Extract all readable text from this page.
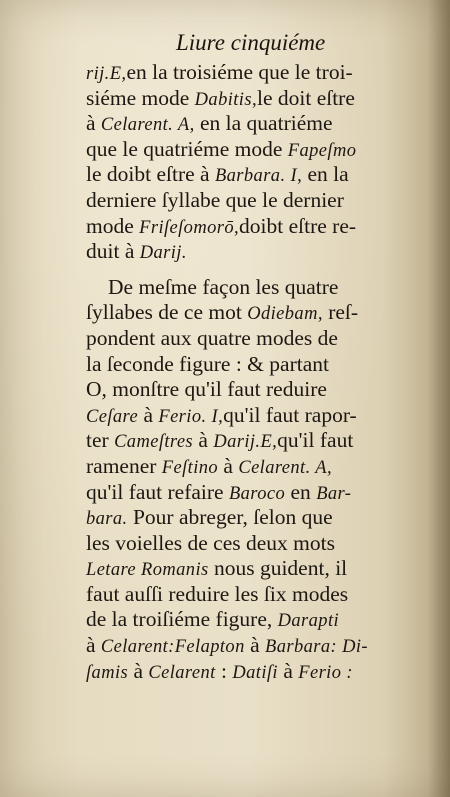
Liure cinquiéme
rij.E,en la troisiéme que le troi-
siéme mode Dabitis,le doit eſtre
à Celarent. A, en la quatriéme
que le quatriéme mode Fapeſmo
le doibt eſtre à Barbara. I, en la
derniere ſyllabe que le dernier
mode Friſeſomorō,doibt eſtre re-
duit à Darij.
De meſme façon les quatre
ſyllabes de ce mot Odiebam, reſ-
pondent aux quatre modes de
la ſeconde figure : & partant
O, monſtre qu'il faut reduire
Ceſare à Ferio. I,qu'il faut rapor-
ter Cameſtres à Darij.E,qu'il faut
ramener Feſtino à Celarent. A,
qu'il faut refaire Baroco en Bar-
bara. Pour abreger, ſelon que
les voielles de ces deux mots
Letare Romanis nous guident, il
faut auſſi reduire les ſix modes
de la troiſiéme figure, Darapti
à Celarent:Felapton à Barbara: Di-
ſamis à Celarent : Datiſi à Ferio :
